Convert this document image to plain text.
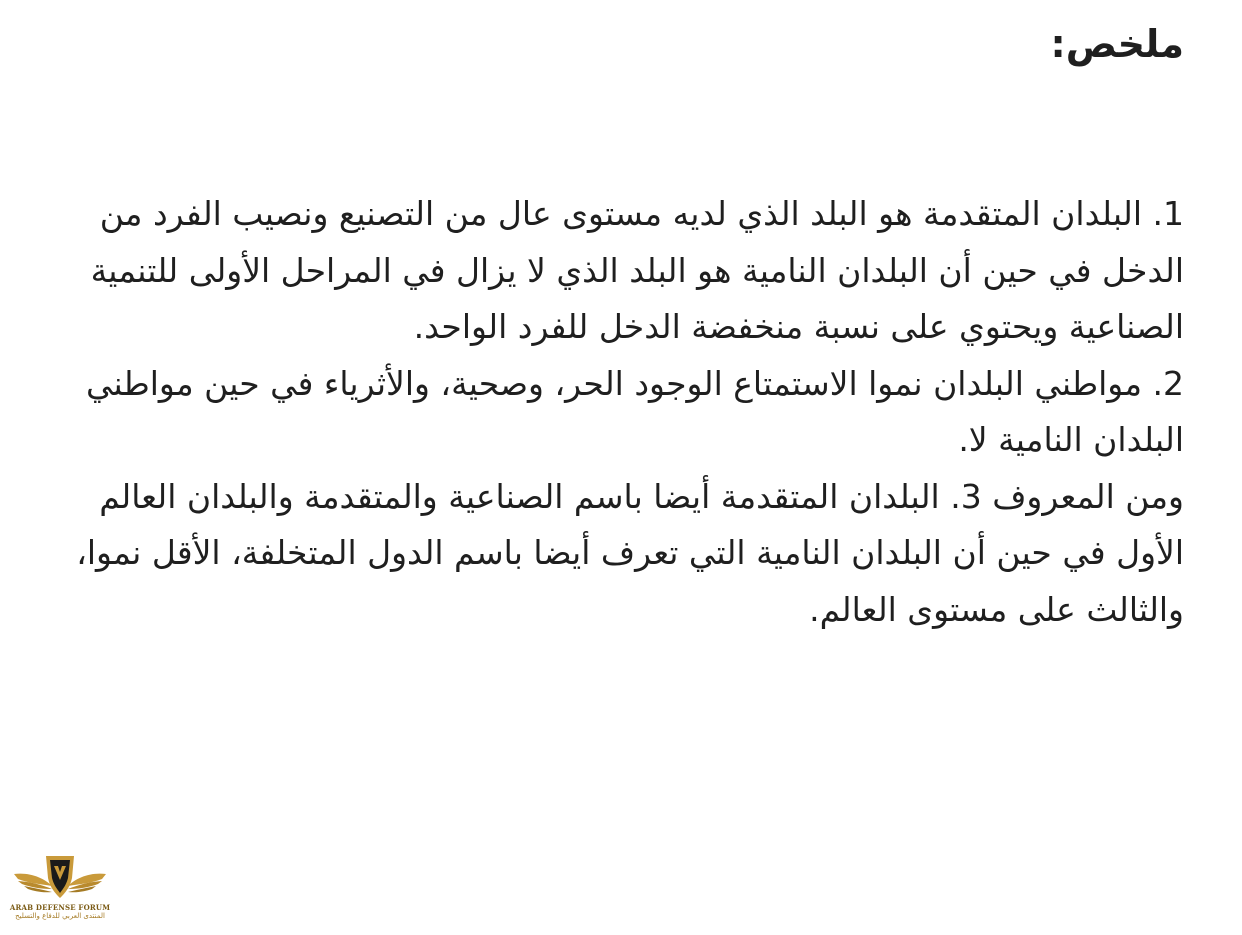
ملخص:

1. البلدان المتقدمة هو البلد الذي لديه مستوى عال من التصنيع ونصيب الفرد من الدخل في حين أن البلدان النامية هو البلد الذي لا يزال في المراحل الأولى للتنمية الصناعية ويحتوي على نسبة منخفضة الدخل للفرد الواحد.

2. مواطني البلدان نموا الاستمتاع الوجود الحر، وصحية، والأثرياء في حين مواطني البلدان النامية لا.

ومن المعروف 3. البلدان المتقدمة أيضا باسم الصناعية والمتقدمة والبلدان العالم الأول في حين أن البلدان النامية التي تعرف أيضا باسم الدول المتخلفة، الأقل نموا، والثالث على مستوى العالم.

ARAB DEFENSE FORUM
المنتدى العربي للدفاع والتسليح
